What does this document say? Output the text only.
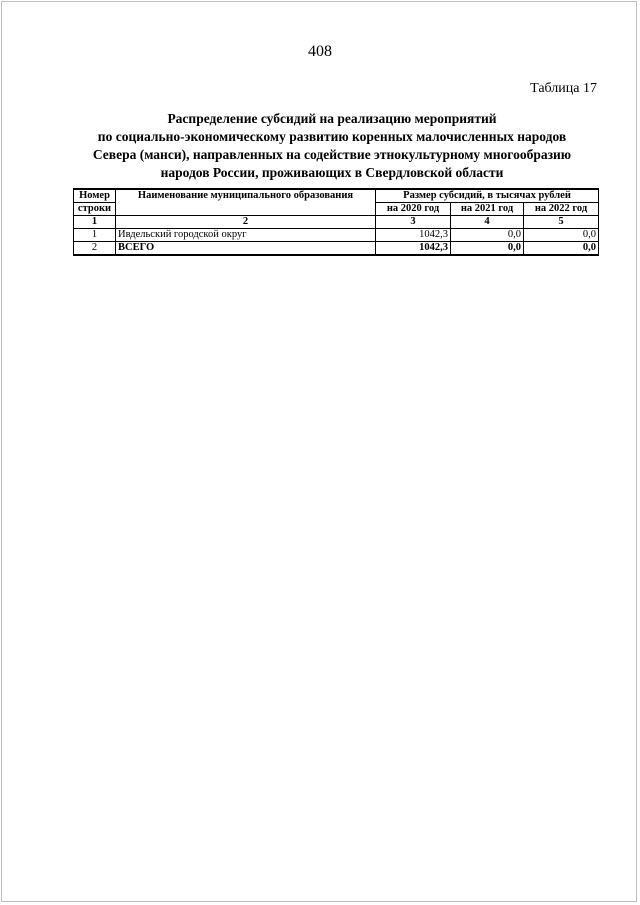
408
Таблица 17
Распределение субсидий на реализацию мероприятий
по социально-экономическому развитию коренных малочисленных народов
Севера (манси), направленных на содействие этнокультурному многообразию
народов России, проживающих в Свердловской области
Номер	Наименование муниципального образования	Размер субсидий, в тысячах рублей		
строки		на 2020 год	на 2021 год	на 2022 год
1	2	3	4	5
1	Ивдельский городской округ	1042,3	0,0	0,0
2	ВСЕГО	1042,3	0,0	0,0
